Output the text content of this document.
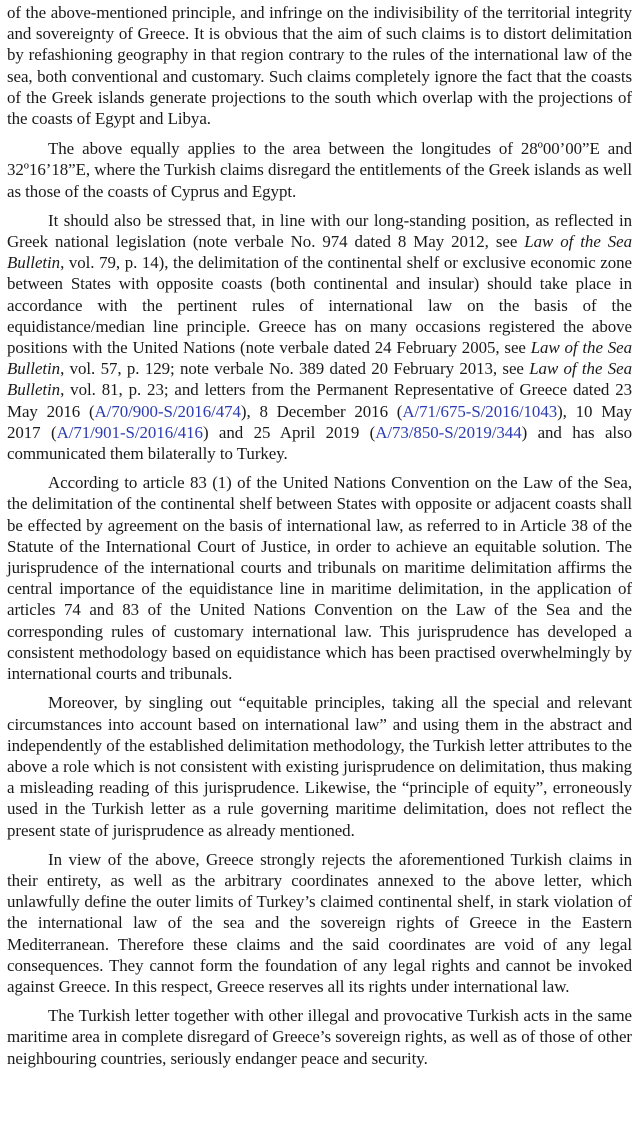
of the above-mentioned principle, and infringe on the indivisibility of the territorial integrity and sovereignty of Greece. It is obvious that the aim of such claims is to distort delimitation by refashioning geography in that region contrary to the rules of the international law of the sea, both conventional and customary. Such claims completely ignore the fact that the coasts of the Greek islands generate projections to the south which overlap with the projections of the coasts of Egypt and Libya.

The above equally applies to the area between the longitudes of 28º00’00”E and 32º16’18”E, where the Turkish claims disregard the entitlements of the Greek islands as well as those of the coasts of Cyprus and Egypt.

It should also be stressed that, in line with our long-standing position, as reflected in Greek national legislation (note verbale No. 974 dated 8 May 2012, see Law of the Sea Bulletin, vol. 79, p. 14), the delimitation of the continental shelf or exclusive economic zone between States with opposite coasts (both continental and insular) should take place in accordance with the pertinent rules of international law on the basis of the equidistance/median line principle. Greece has on many occasions registered the above positions with the United Nations (note verbale dated 24 February 2005, see Law of the Sea Bulletin, vol. 57, p. 129; note verbale No. 389 dated 20 February 2013, see Law of the Sea Bulletin, vol. 81, p. 23; and letters from the Permanent Representative of Greece dated 23 May 2016 (A/70/900-S/2016/474), 8 December 2016 (A/71/675-S/2016/1043), 10 May 2017 (A/71/901-S/2016/416) and 25 April 2019 (A/73/850-S/2019/344) and has also communicated them bilaterally to Turkey.

According to article 83 (1) of the United Nations Convention on the Law of the Sea, the delimitation of the continental shelf between States with opposite or adjacent coasts shall be effected by agreement on the basis of international law, as referred to in Article 38 of the Statute of the International Court of Justice, in order to achieve an equitable solution. The jurisprudence of the international courts and tribunals on maritime delimitation affirms the central importance of the equidistance line in maritime delimitation, in the application of articles 74 and 83 of the United Nations Convention on the Law of the Sea and the corresponding rules of customary international law. This jurisprudence has developed a consistent methodology based on equidistance which has been practised overwhelmingly by international courts and tribunals.

Moreover, by singling out “equitable principles, taking all the special and relevant circumstances into account based on international law” and using them in the abstract and independently of the established delimitation methodology, the Turkish letter attributes to the above a role which is not consistent with existing jurisprudence on delimitation, thus making a misleading reading of this jurisprudence. Likewise, the “principle of equity”, erroneously used in the Turkish letter as a rule governing maritime delimitation, does not reflect the present state of jurisprudence as already mentioned.

In view of the above, Greece strongly rejects the aforementioned Turkish claims in their entirety, as well as the arbitrary coordinates annexed to the above letter, which unlawfully define the outer limits of Turkey’s claimed continental shelf, in stark violation of the international law of the sea and the sovereign rights of Greece in the Eastern Mediterranean. Therefore these claims and the said coordinates are void of any legal consequences. They cannot form the foundation of any legal rights and cannot be invoked against Greece. In this respect, Greece reserves all its rights under international law.

The Turkish letter together with other illegal and provocative Turkish acts in the same maritime area in complete disregard of Greece’s sovereign rights, as well as of those of other neighbouring countries, seriously endanger peace and security.
